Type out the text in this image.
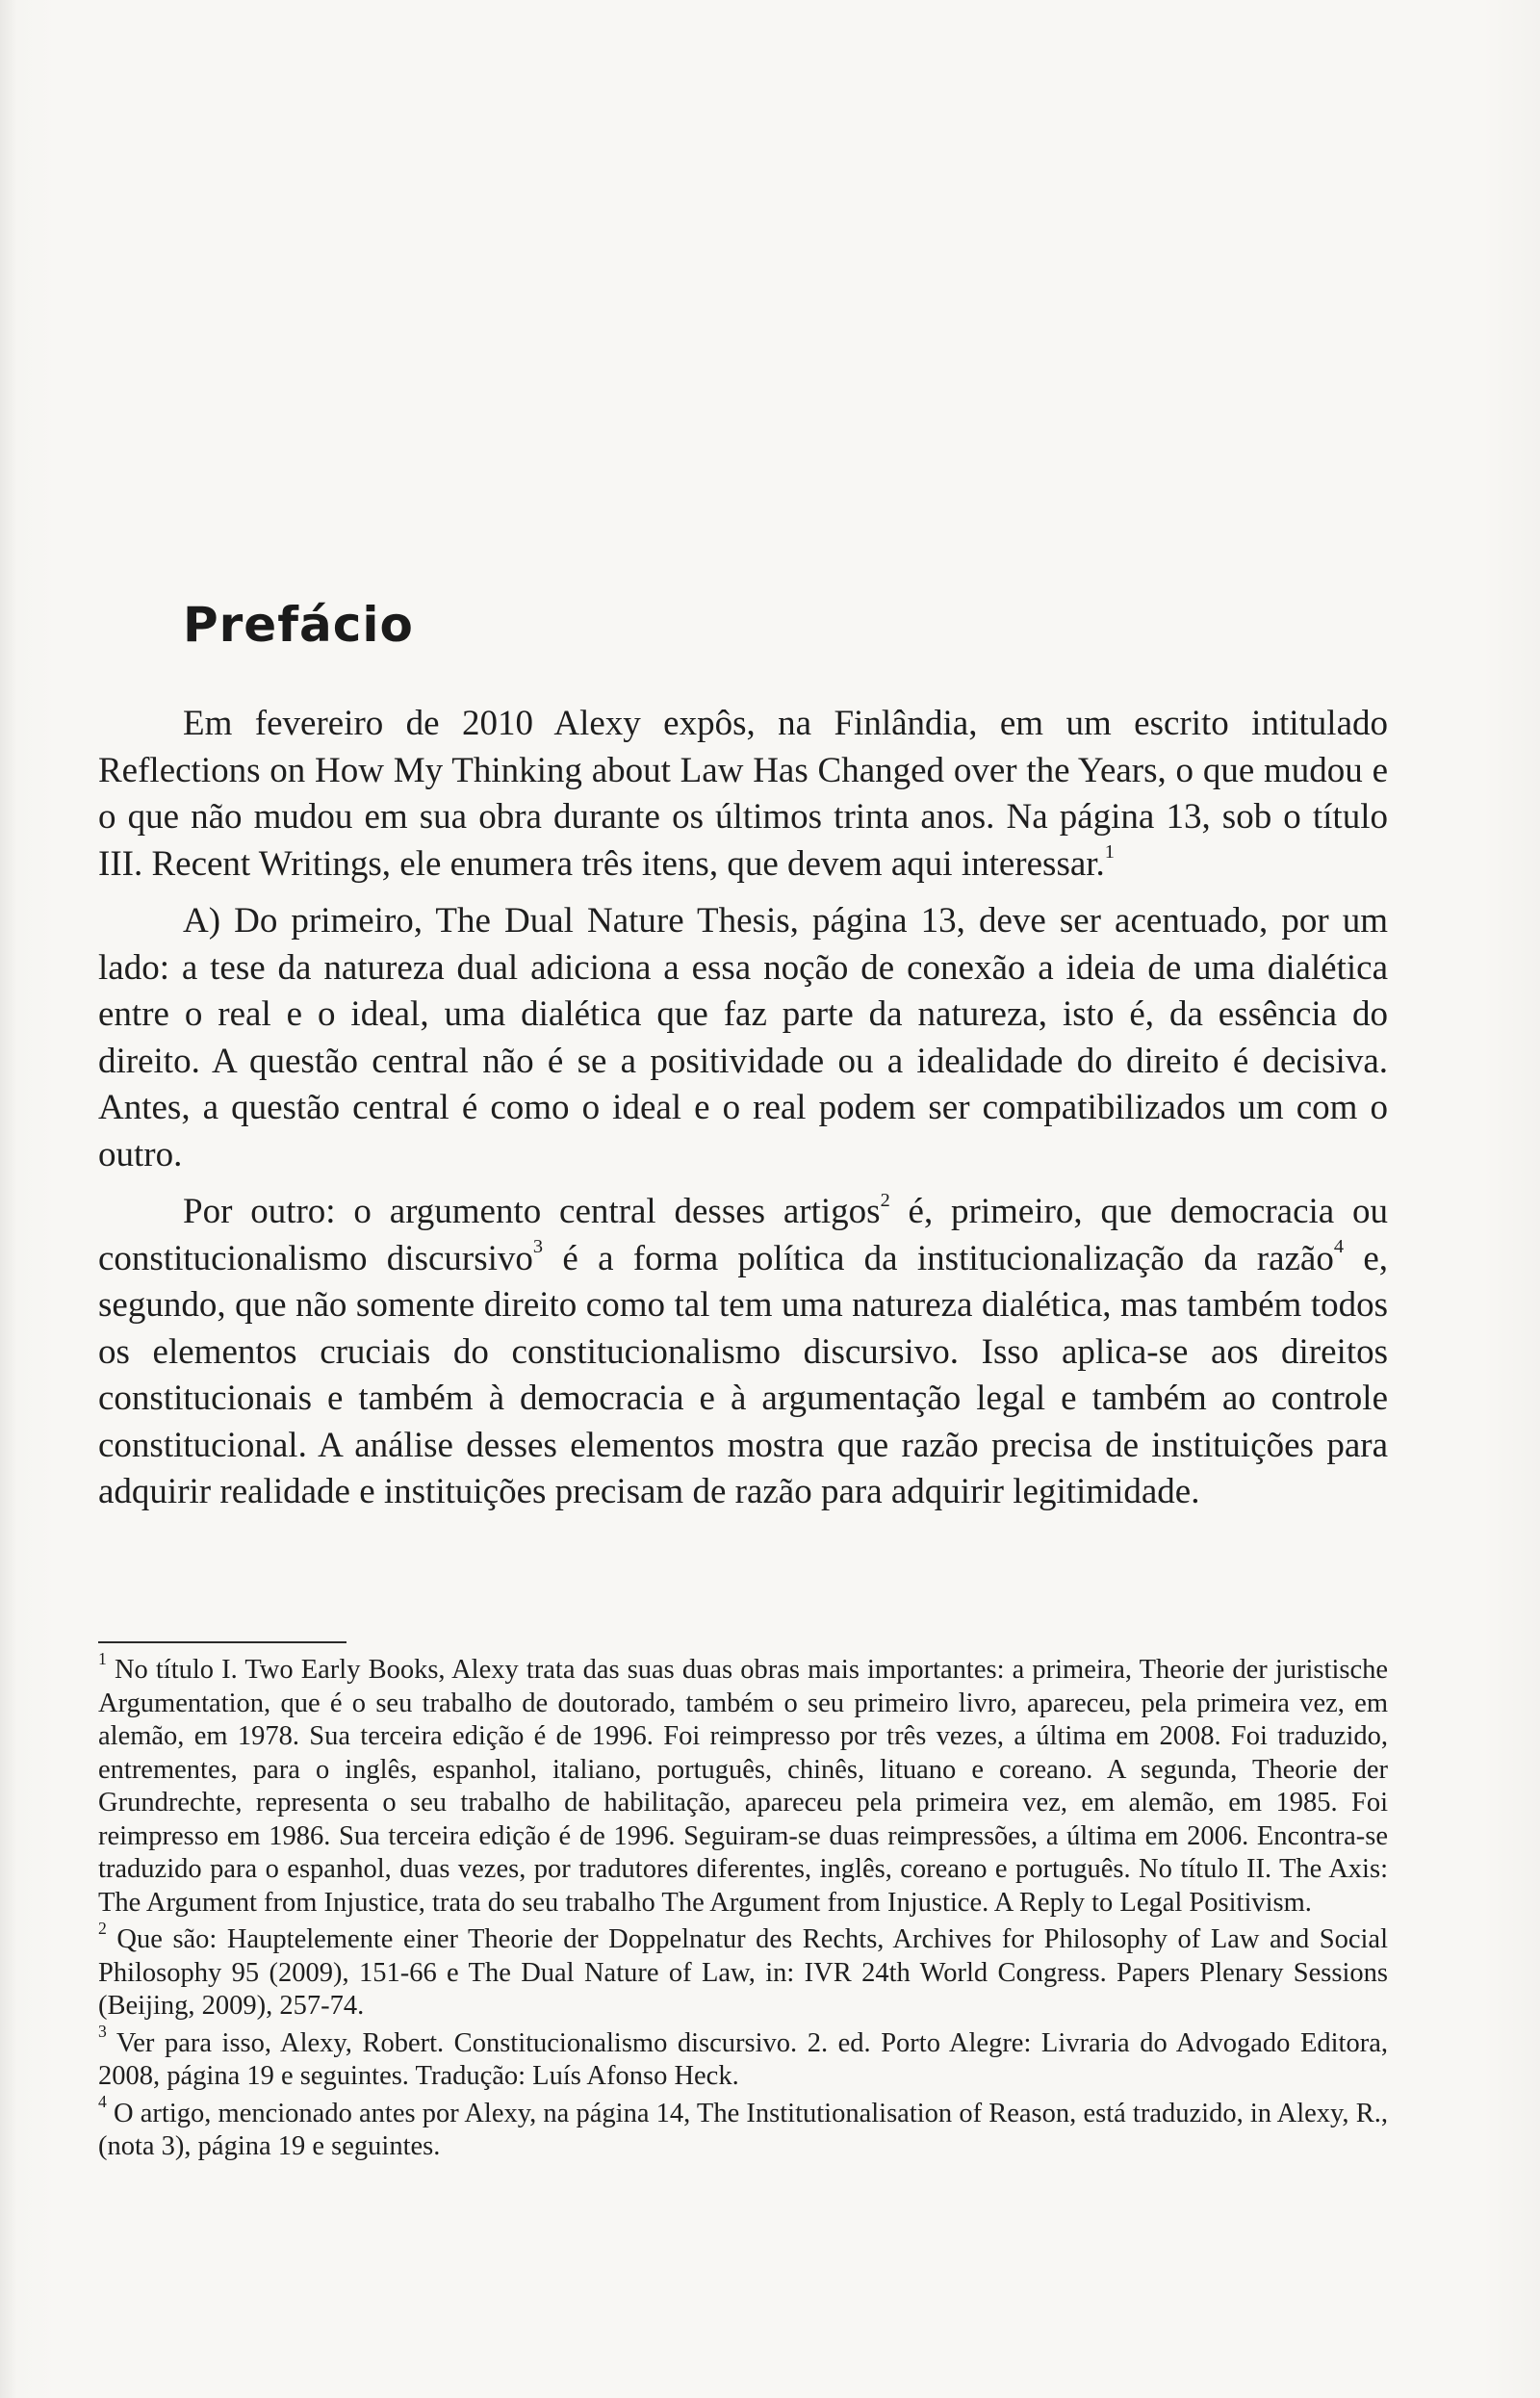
Prefácio

Em fevereiro de 2010 Alexy expôs, na Finlândia, em um escrito intitulado Reflections on How My Thinking about Law Has Changed over the Years, o que mudou e o que não mudou em sua obra durante os últimos trinta anos. Na página 13, sob o título III. Recent Writings, ele enumera três itens, que devem aqui interessar.$^1$

A) Do primeiro, The Dual Nature Thesis, página 13, deve ser acentuado, por um lado: a tese da natureza dual adiciona a essa noção de conexão a ideia de uma dialética entre o real e o ideal, uma dialética que faz parte da natureza, isto é, da essência do direito. A questão central não é se a positividade ou a idealidade do direito é decisiva. Antes, a questão central é como o ideal e o real podem ser compatibilizados um com o outro.

Por outro: o argumento central desses artigos$^2$ é, primeiro, que democracia ou constitucionalismo discursivo$^3$ é a forma política da institucionalização da razão$^4$ e, segundo, que não somente direito como tal tem uma natureza dialética, mas também todos os elementos cruciais do constitucionalismo discursivo. Isso aplica-se aos direitos constitucionais e também à democracia e à argumentação legal e também ao controle constitucional. A análise desses elementos mostra que razão precisa de instituições para adquirir realidade e instituições precisam de razão para adquirir legitimidade.

$^1$ No título I. Two Early Books, Alexy trata das suas duas obras mais importantes: a primeira, Theorie der juristische Argumentation, que é o seu trabalho de doutorado, também o seu primeiro livro, apareceu, pela primeira vez, em alemão, em 1978. Sua terceira edição é de 1996. Foi reimpresso por três vezes, a última em 2008. Foi traduzido, entrementes, para o inglês, espanhol, italiano, português, chinês, lituano e coreano. A segunda, Theorie der Grundrechte, representa o seu trabalho de habilitação, apareceu pela primeira vez, em alemão, em 1985. Foi reimpresso em 1986. Sua terceira edição é de 1996. Seguiram-se duas reimpressões, a última em 2006. Encontra-se traduzido para o espanhol, duas vezes, por tradutores diferentes, inglês, coreano e português. No título II. The Axis: The Argument from Injustice, trata do seu trabalho The Argument from Injustice. A Reply to Legal Positivism.

$^2$ Que são: Hauptelemente einer Theorie der Doppelnatur des Rechts, Archives for Philosophy of Law and Social Philosophy 95 (2009), 151-66 e The Dual Nature of Law, in: IVR 24th World Congress. Papers Plenary Sessions (Beijing, 2009), 257-74.

$^3$ Ver para isso, Alexy, Robert. Constitucionalismo discursivo. 2. ed. Porto Alegre: Livraria do Advogado Editora, 2008, página 19 e seguintes. Tradução: Luís Afonso Heck.

$^4$ O artigo, mencionado antes por Alexy, na página 14, The Institutionalisation of Reason, está traduzido, in Alexy, R., (nota 3), página 19 e seguintes.
